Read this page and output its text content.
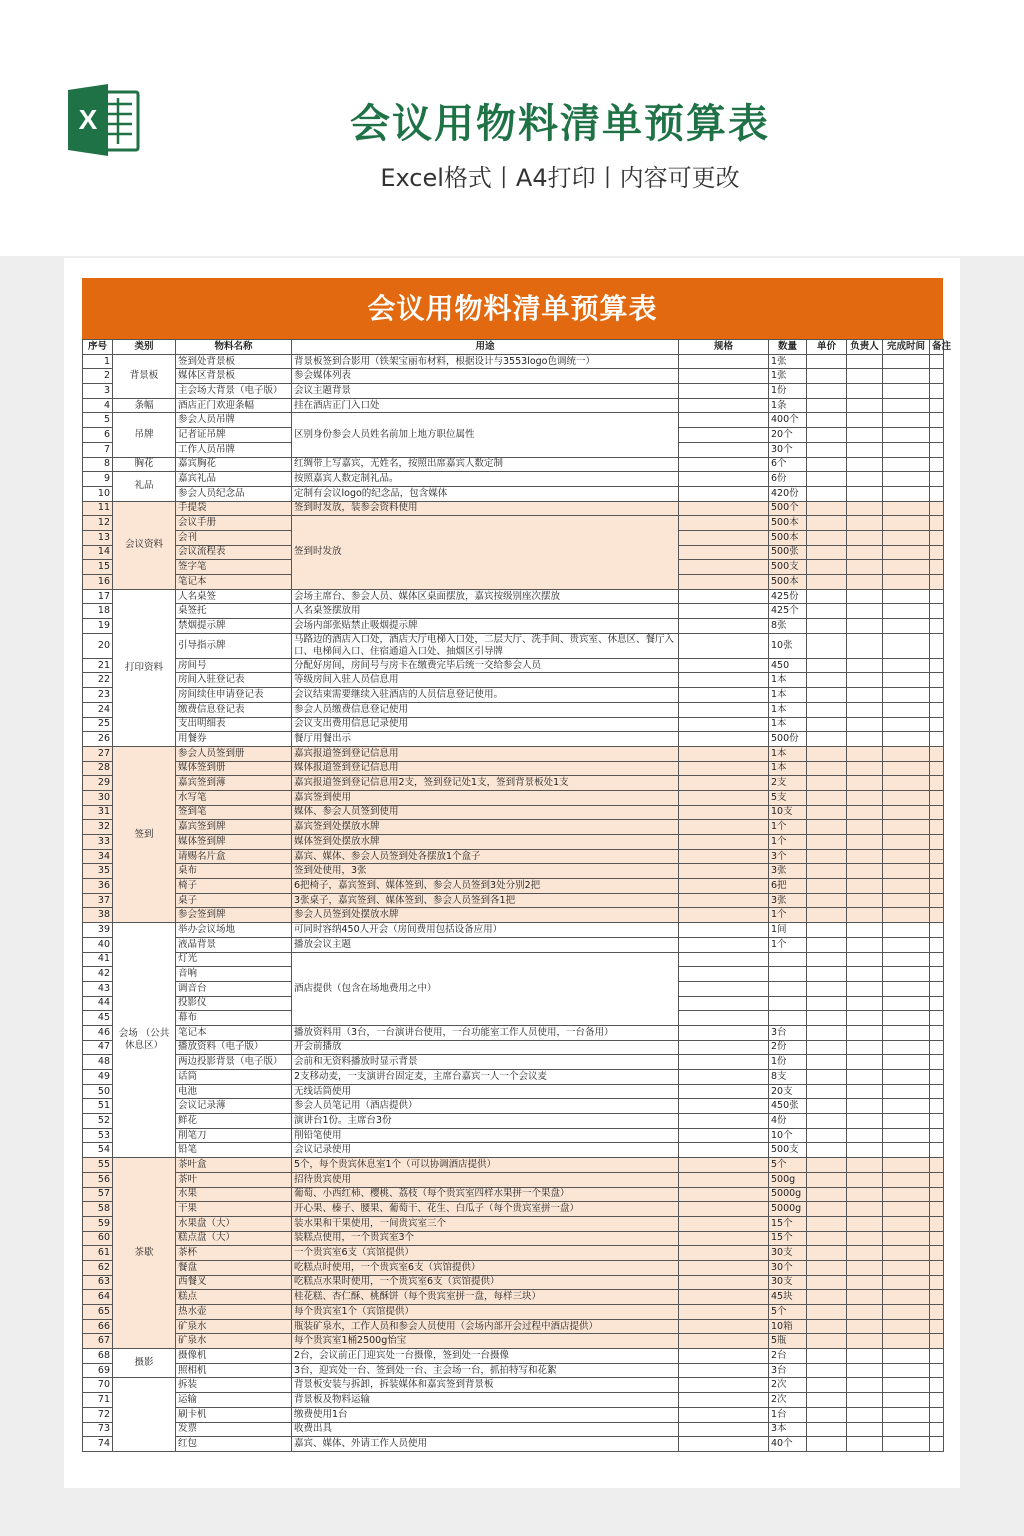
X	会议用物料清单预算表
Excel格式丨A4打印丨内容可更改
会议用物料清单预算表
序号	类别	物料名称	用途	规格	数量	单价	负责人	完成时间	备注
1	背景板	签到处背景板	背景板签到合影用（铁架宝丽布材料，根据设计与3553logo色调统一）		1张				
2		媒体区背景板	参会媒体列表		1张				
3		主会场大背景（电子版）	会议主题背景		1份				
4	条幅	酒店正门欢迎条幅	挂在酒店正门入口处		1条				
5	吊牌	参会人员吊牌	区别身份参会人员姓名前加上地方职位属性		400个				
6		记者证吊牌			20个				
7		工作人员吊牌			30个				
8	胸花	嘉宾胸花	红绸带上写嘉宾，无姓名，按照出席嘉宾人数定制		6个				
9	礼品	嘉宾礼品	按照嘉宾人数定制礼品。		6份				
10		参会人员纪念品	定制有会议logo的纪念品，包含媒体		420份				
11	会议资料	手提袋	签到时发放，装参会资料使用		500个				
12		会议手册	签到时发放		500本				
13		会刊			500本				
14		会议流程表			500张				
15		签字笔			500支				
16		笔记本			500本				
17	打印资料	人名桌签	会场主席台、参会人员、媒体区桌面摆放，嘉宾按级别座次摆放		425份				
18		桌签托	人名桌签摆放用		425个				
19		禁烟提示牌	会场内部张贴禁止吸烟提示牌		8张				
20		引导指示牌	马路边的酒店入口处，酒店大厅电梯入口处，二层大厅、洗手间、贵宾室、休息区、餐厅入口、电梯间入口、住宿通道入口处、抽烟区引导牌		10张				
21		房间号	分配好房间，房间号与房卡在缴费完毕后统一交给参会人员		450				
22		房间入驻登记表	等级房间入驻人员信息用		1本				
23		房间续住申请登记表	会议结束需要继续入驻酒店的人员信息登记使用。		1本				
24		缴费信息登记表	参会人员缴费信息登记使用		1本				
25		支出明细表	会议支出费用信息记录使用		1本				
26		用餐券	餐厅用餐出示		500份				
27	签到	参会人员签到册	嘉宾报道签到登记信息用		1本				
28		媒体签到册	媒体报道签到登记信息用		1本				
29		嘉宾签到薄	嘉宾报道签到登记信息用2支，签到登记处1支，签到背景板处1支		2支				
30		水写笔	嘉宾签到使用		5支				
31		签到笔	媒体、参会人员签到使用		10支				
32		嘉宾签到牌	嘉宾签到处摆放水牌		1个				
33		媒体签到牌	媒体签到处摆放水牌		1个				
34		请赐名片盒	嘉宾、媒体、参会人员签到处各摆放1个盒子		3个				
35		桌布	签到处使用，3张		3张				
36		椅子	6把椅子，嘉宾签到、媒体签到、参会人员签到3处分别2把		6把				
37		桌子	3张桌子，嘉宾签到、媒体签到、参会人员签到各1把		3张				
38		参会签到牌	参会人员签到处摆放水牌		1个				
39	会场 （公共休息区）	举办会议场地	可同时容纳450人开会（房间费用包括设备应用）		1间				
40		液晶背景	播放会议主题		1个				
41		灯光	酒店提供（包含在场地费用之中）						
42		音响							
43		调音台							
44		投影仪							
45		幕布							
46		笔记本	播放资料用（3台，一台演讲台使用，一台功能室工作人员使用，一台备用）		3台				
47		播放资料（电子版）	开会前播放		2份				
48		两边投影背景（电子版）	会前和无资料播放时显示背景		1份				
49		话筒	2支移动麦，一支演讲台固定麦，主席台嘉宾一人一个会议麦		8支				
50		电池	无线话筒使用		20支				
51		会议记录薄	参会人员笔记用（酒店提供）		450张				
52		鲜花	演讲台1份。主席台3份		4份				
53		削笔刀	削铅笔使用		10个				
54		铅笔	会议记录使用		500支				
55	茶歇	茶叶盒	5个，每个贵宾休息室1个（可以协调酒店提供）		5个				
56		茶叶	招待贵宾使用		500g				
57		水果	葡萄、小西红柿、樱桃、荔枝（每个贵宾室四样水果拼一个果盘）		5000g				
58		干果	开心果、榛子、腰果、葡萄干、花生、白瓜子（每个贵宾室拼一盘）		5000g				
59		水果盘（大）	装水果和干果使用，一间贵宾室三个		15个				
60		糕点盘（大）	装糕点使用，一个贵宾室3个		15个				
61		茶杯	一个贵宾室6支（宾馆提供）		30支				
62		餐盘	吃糕点时使用，一个贵宾室6支（宾馆提供）		30个				
63		西餐叉	吃糕点水果时使用，一个贵宾室6支（宾馆提供）		30支				
64		糕点	桂花糕、杏仁酥、桃酥饼（每个贵宾室拼一盘，每样三块）		45块				
65		热水壶	每个贵宾室1个（宾馆提供）		5个				
66		矿泉水	瓶装矿泉水，工作人员和参会人员使用（会场内部开会过程中酒店提供）		10箱				
67		矿泉水	每个贵宾室1桶2500g怡宝		5瓶				
68	摄影	摄像机	2台，会议前正门迎宾处一台摄像，签到处一台摄像		2台				
69		照相机	3台，迎宾处一台、签到处一台、主会场一台，抓拍特写和花絮		3台				
70		拆装	背景板安装与拆卸，拆装媒体和嘉宾签到背景板		2次				
71		运输	背景板及物料运输		2次				
72		刷卡机	缴费使用1台		1台				
73		发票	收费出具		3本				
74		红包	嘉宾、媒体、外请工作人员使用		40个				
